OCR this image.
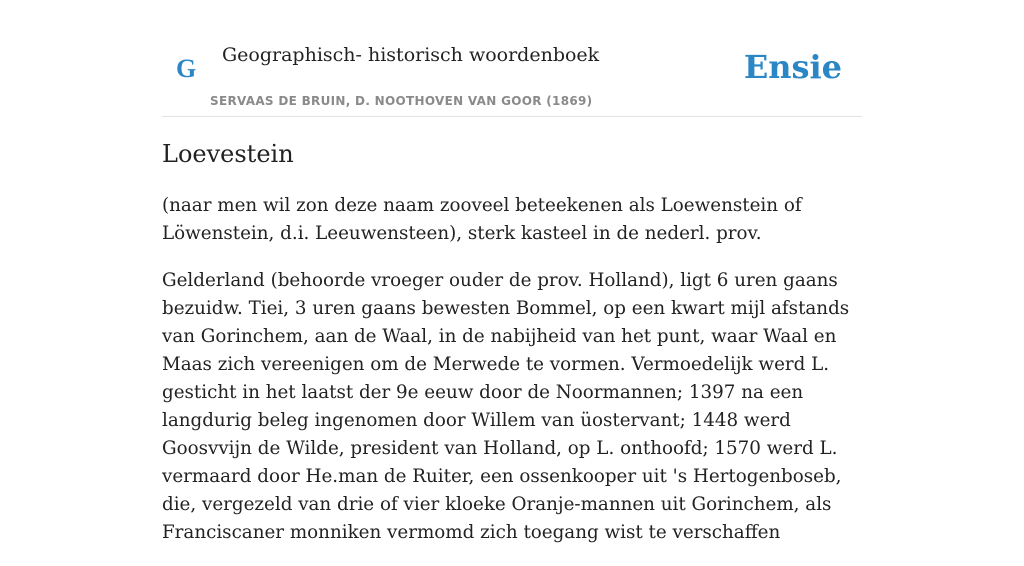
G Geographisch- historisch woordenboek
SERVAAS DE BRUIN, D. NOOTHOVEN VAN GOOR (1869)
Ensie
Loevestein

(naar men wil zon deze naam zooveel beteekenen als Loewenstein of Löwenstein, d.i. Leeuwensteen), sterk kasteel in de nederl. prov.

Gelderland (behoorde vroeger ouder de prov. Holland), ligt 6 uren gaans bezuidw. Tiei, 3 uren gaans bewesten Bommel, op een kwart mijl afstands van Gorinchem, aan de Waal, in de nabijheid van het punt, waar Waal en Maas zich vereenigen om de Merwede te vormen. Vermoedelijk werd L. gesticht in het laatst der 9e eeuw door de Noormannen; 1397 na een langdurig beleg ingenomen door Willem van üostervant; 1448 werd Goosvvijn de Wilde, president van Holland, op L. onthoofd; 1570 werd L. vermaard door He.man de Ruiter, een ossenkooper uit 's Hertogenboseb, die, vergezeld van drie of vier kloeke Oranje-mannen uit Gorinchem, als Franciscaner monniken vermomd zich toegang wist te verschaffen
